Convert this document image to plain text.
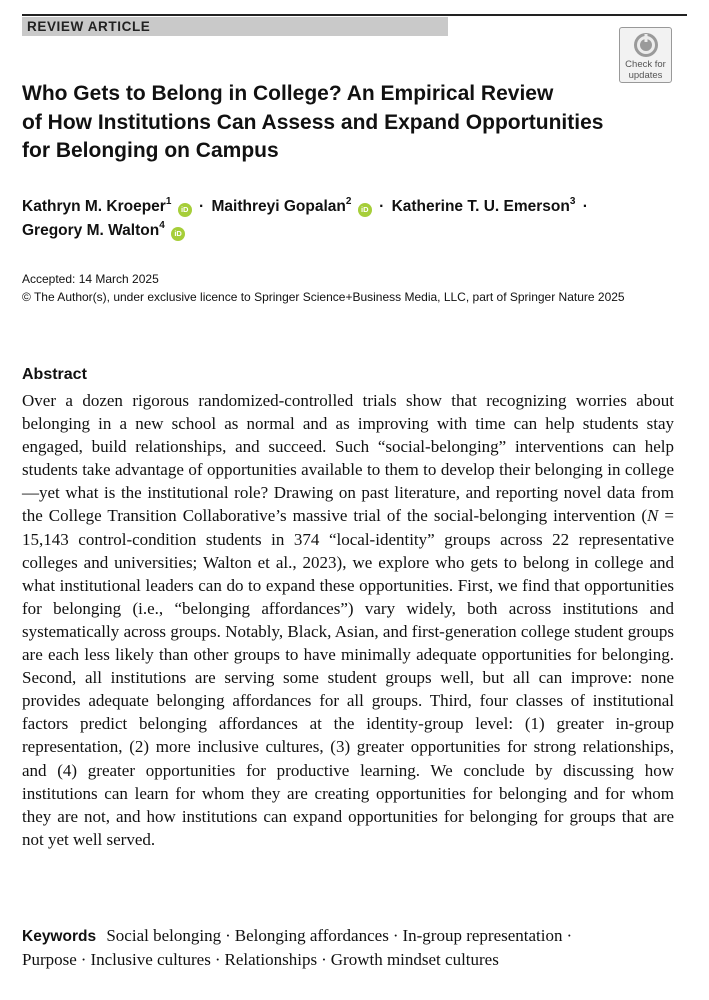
REVIEW ARTICLE
Check for
updates
Who Gets to Belong in College? An Empirical Review
of How Institutions Can Assess and Expand Opportunities
for Belonging on Campus
Kathryn M. Kroeper$^1$ iD · Maithreyi Gopalan$^2$ iD · Katherine T. U. Emerson$^3$ ·
Gregory M. Walton$^4$ iD
Accepted: 14 March 2025
© The Author(s), under exclusive licence to Springer Science+Business Media, LLC, part of Springer Nature 2025
Abstract

Over a dozen rigorous randomized-controlled trials show that recognizing worries about belonging in a new school as normal and as improving with time can help students stay engaged, build relationships, and succeed. Such “social-belonging” interventions can help students take advantage of opportunities available to them to develop their belonging in college—yet what is the institutional role? Drawing on past literature, and reporting novel data from the College Transition Collaborative’s massive trial of the social-belonging intervention (N = 15,143 control-condition students in 374 “local-identity” groups across 22 representative colleges and universities; Walton et al., 2023), we explore who gets to belong in college and what institutional leaders can do to expand these opportunities. First, we find that opportunities for belonging (i.e., “belonging affordances”) vary widely, both across institutions and systematically across groups. Notably, Black, Asian, and first-generation college student groups are each less likely than other groups to have minimally adequate opportunities for belonging. Second, all institutions are serving some student groups well, but all can improve: none provides adequate belonging affordances for all groups. Third, four classes of institutional factors predict belonging affordances at the identity-group level: (1) greater in-group representation, (2) more inclusive cultures, (3) greater opportunities for strong relationships, and (4) greater opportunities for productive learning. We conclude by discussing how institutions can learn for whom they are creating opportunities for belonging and for whom they are not, and how institutions can expand opportunities for belonging for groups that are not yet well served.

Keywords Social belonging · Belonging affordances · In-group representation ·
Purpose · Inclusive cultures · Relationships · Growth mindset cultures
